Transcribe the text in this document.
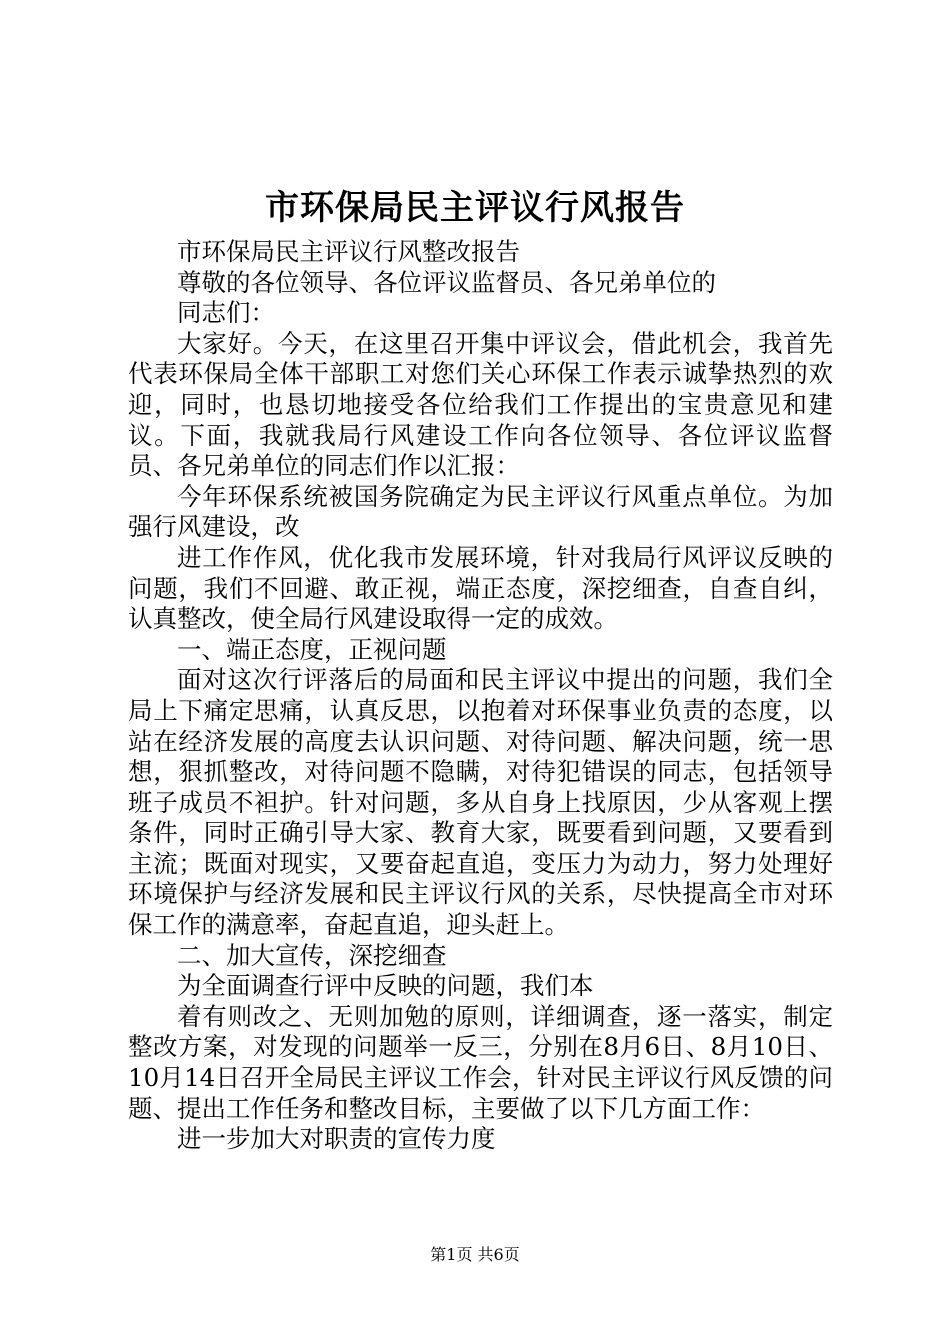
市环保局民主评议行风报告

市环保局民主评议行风整改报告

尊敬的各位领导、各位评议监督员、各兄弟单位的

同志们：

大家好。今天，在这里召开集中评议会，借此机会，我首先代表环保局全体干部职工对您们关心环保工作表示诚挚热烈的欢迎，同时，也恳切地接受各位给我们工作提出的宝贵意见和建议。下面，我就我局行风建设工作向各位领导、各位评议监督员、各兄弟单位的同志们作以汇报：

今年环保系统被国务院确定为民主评议行风重点单位。为加强行风建设，改

进工作作风，优化我市发展环境，针对我局行风评议反映的问题，我们不回避、敢正视，端正态度，深挖细查，自查自纠，认真整改，使全局行风建设取得一定的成效。

一、端正态度，正视问题

面对这次行评落后的局面和民主评议中提出的问题，我们全局上下痛定思痛，认真反思，以抱着对环保事业负责的态度，以站在经济发展的高度去认识问题、对待问题、解决问题，统一思想，狠抓整改，对待问题不隐瞒，对待犯错误的同志，包括领导班子成员不袒护。针对问题，多从自身上找原因，少从客观上摆条件，同时正确引导大家、教育大家，既要看到问题，又要看到主流；既面对现实，又要奋起直追，变压力为动力，努力处理好环境保护与经济发展和民主评议行风的关系，尽快提高全市对环保工作的满意率，奋起直追，迎头赶上。

二、加大宣传，深挖细查

为全面调查行评中反映的问题，我们本

着有则改之、无则加勉的原则，详细调查，逐一落实，制定整改方案，对发现的问题举一反三，分别在8月6日、8月10日、10月14日召开全局民主评议工作会，针对民主评议行风反馈的问题、提出工作任务和整改目标，主要做了以下几方面工作：

进一步加大对职责的宣传力度

第1页 共6页
